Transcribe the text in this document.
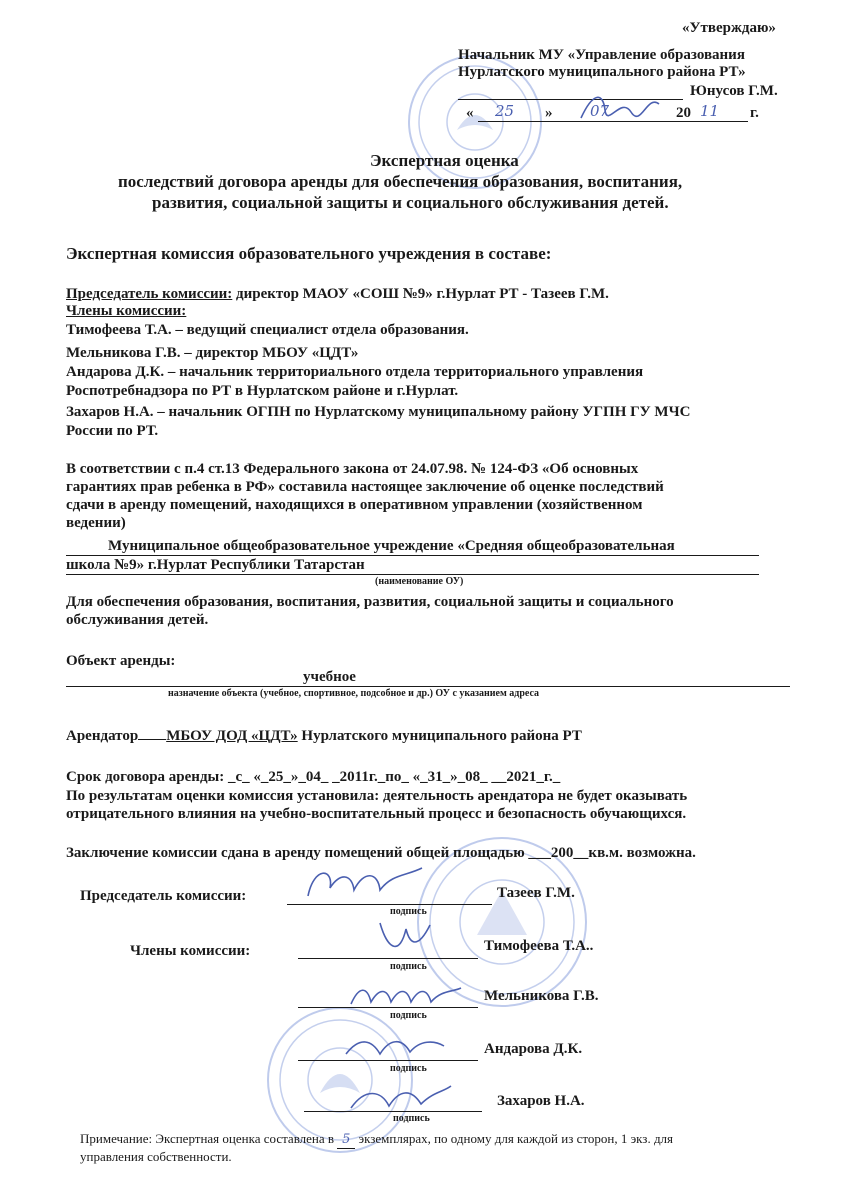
«Утверждаю»
Начальник МУ «Управление образования
Нурлатского муниципального района РТ»
Юнусов Г.М.
« 25 »	07	20 11 г.
Экспертная оценка
последствий договора аренды для обеспечения образования, воспитания,
развития, социальной защиты и социального обслуживания детей.
Экспертная комиссия образовательного учреждения в составе:
Председатель комиссии: директор МАОУ «СОШ №9» г.Нурлат РТ - Тазеев Г.М.
Члены комиссии:
Тимофеева Т.А. – ведущий специалист отдела образования.
Мельникова Г.В. – директор МБОУ «ЦДТ»
Андарова Д.К. – начальник территориального отдела территориального управления
Роспотребнадзора по РТ в Нурлатском районе и г.Нурлат.
Захаров Н.А. – начальник ОГПН по Нурлатскому муниципальному району УГПН ГУ МЧС
России по РТ.
В соответствии с п.4 ст.13 Федерального закона от 24.07.98. № 124-ФЗ «Об основных
гарантиях прав ребенка в РФ» составила настоящее заключение об оценке последствий
сдачи в аренду помещений, находящихся в оперативном управлении (хозяйственном
ведении)
Муниципальное общеобразовательное учреждение «Средняя общеобразовательная
школа №9» г.Нурлат Республики Татарстан
(наименование ОУ)
Для обеспечения образования, воспитания, развития, социальной защиты и социального
обслуживания детей.
Объект аренды:
учебное
назначение объекта (учебное, спортивное, подсобное и др.) ОУ с указанием адреса
Арендатор МБОУ ДОД «ЦДТ» Нурлатского муниципального района РТ
Срок договора аренды: _с_ «_25_»_04_ _2011г._по_ «_31_»_08_ __2021_г._
По результатам оценки комиссия установила: деятельность арендатора не будет оказывать
отрицательного влияния на учебно-воспитательный процесс и безопасность обучающихся.
Заключение комиссии сдана в аренду помещений общей площадью ___200__кв.м. возможна.
Председатель комиссии:	Тазеев Г.М.
подпись
Члены комиссии:	Тимофеева Т.А..
подпись
Мельникова Г.В.
подпись
Андарова Д.К.
подпись
Захаров Н.А.
подпись
Примечание: Экспертная оценка составлена в 5 экземплярах, по одному для каждой из сторон, 1 экз. для
управления собственности.
